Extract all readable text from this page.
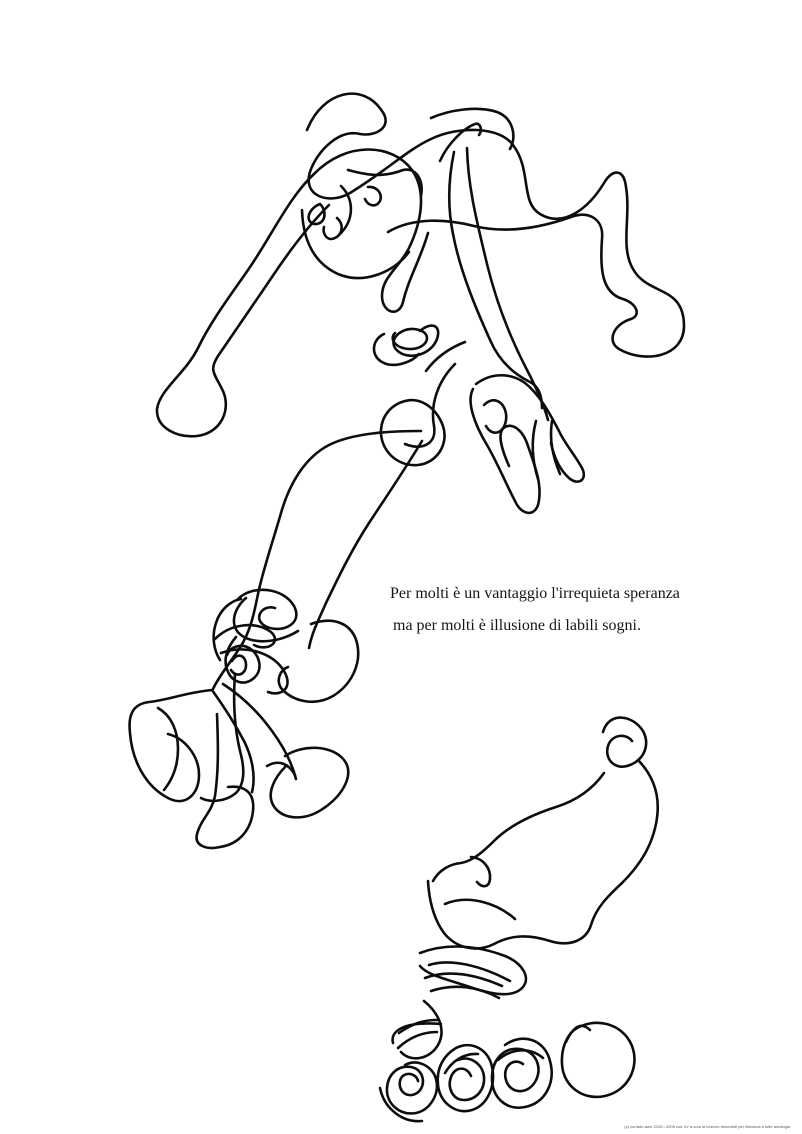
Per molti è un vantaggio l'irrequieta speranza
ma per molti è illusione di labili sogni.
(c) corrado anni 2015 • 2005 cod XV a cura di lorenzo benedetti per Mantova a tutte antologia
